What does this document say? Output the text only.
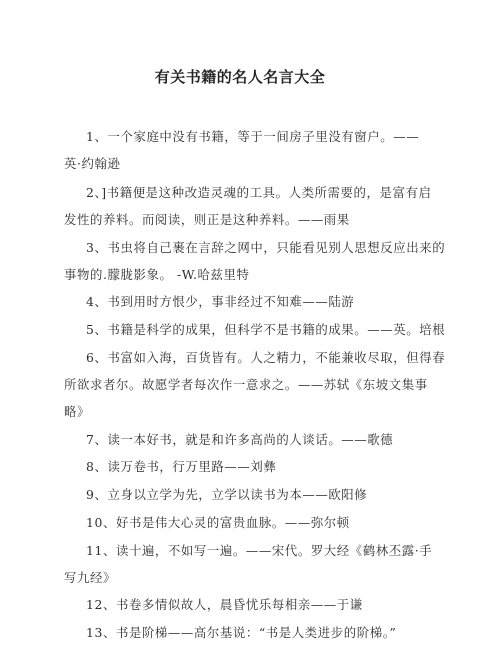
有关书籍的名人名言大全
1、一个家庭中没有书籍，等于一间房子里没有窗户。——
英·约翰逊
2、]书籍便是这种改造灵魂的工具。人类所需要的，是富有启
发性的养料。而阅读，则正是这种养料。——雨果
3、书虫将自己裹在言辞之网中，只能看见别人思想反应出来的
事物的.朦胧影象。 -W.哈兹里特
4、书到用时方恨少，事非经过不知难——陆游
5、书籍是科学的成果，但科学不是书籍的成果。——英。培根
6、书富如入海，百货皆有。人之精力，不能兼收尽取，但得春
所欲求者尔。故愿学者每次作一意求之。——苏轼《东坡文集事
略》
7、读一本好书，就是和许多高尚的人谈话。——歌德
8、读万卷书，行万里路——刘彝
9、立身以立学为先，立学以读书为本——欧阳修
10、好书是伟大心灵的富贵血脉。——弥尔顿
11、读十遍，不如写一遍。——宋代。罗大经《鹤林丕露·手
写九经》
12、书卷多情似故人，晨昏忧乐每相亲——于谦
13、书是阶梯——高尔基说：“书是人类进步的阶梯。”
